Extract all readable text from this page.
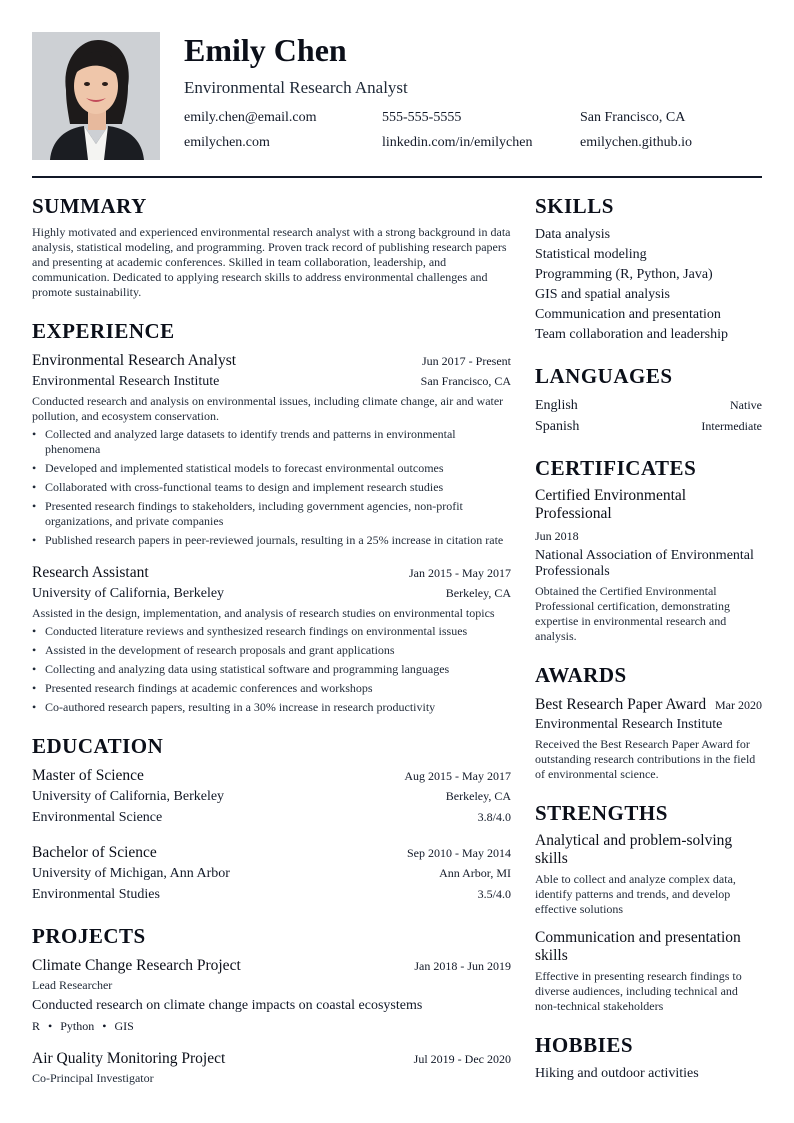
Emily Chen
Environmental Research Analyst
emily.chen@email.com	555-555-5555	San Francisco, CA
emilychen.com	linkedin.com/in/emilychen	emilychen.github.io
SUMMARY

Highly motivated and experienced environmental research analyst with a strong background in data analysis, statistical modeling, and programming. Proven track record of publishing research papers and presenting at academic conferences. Skilled in team collaboration, leadership, and communication. Dedicated to applying research skills to address environmental challenges and promote sustainability.

EXPERIENCE
Environmental Research Analyst	Jun 2017 - Present
Environmental Research Institute	San Francisco, CA

Conducted research and analysis on environmental issues, including climate change, air and water pollution, and ecosystem conservation.

• Collected and analyzed large datasets to identify trends and patterns in environmental phenomena
• Developed and implemented statistical models to forecast environmental outcomes
• Collaborated with cross-functional teams to design and implement research studies
• Presented research findings to stakeholders, including government agencies, non-profit organizations, and private companies
• Published research papers in peer-reviewed journals, resulting in a 25% increase in citation rate
Research Assistant	Jan 2015 - May 2017
University of California, Berkeley	Berkeley, CA

Assisted in the design, implementation, and analysis of research studies on environmental topics

• Conducted literature reviews and synthesized research findings on environmental issues
• Assisted in the development of research proposals and grant applications
• Collecting and analyzing data using statistical software and programming languages
• Presented research findings at academic conferences and workshops
• Co-authored research papers, resulting in a 30% increase in research productivity
EDUCATION
Master of Science	Aug 2015 - May 2017
University of California, Berkeley	Berkeley, CA
Environmental Science	3.8/4.0
Bachelor of Science	Sep 2010 - May 2014
University of Michigan, Ann Arbor	Ann Arbor, MI
Environmental Studies	3.5/4.0
PROJECTS
Climate Change Research Project	Jan 2018 - Jun 2019
Lead Researcher
Conducted research on climate change impacts on coastal ecosystems
R • Python • GIS
Air Quality Monitoring Project	Jul 2019 - Dec 2020
Co-Principal Investigator
SKILLS
Data analysis
Statistical modeling
Programming (R, Python, Java)
GIS and spatial analysis
Communication and presentation
Team collaboration and leadership
LANGUAGES
English	Native
Spanish	Intermediate
CERTIFICATES
Certified Environmental Professional
Jun 2018
National Association of Environmental Professionals

Obtained the Certified Environmental Professional certification, demonstrating expertise in environmental research and analysis.

AWARDS
Best Research Paper Award Mar 2020
Environmental Research Institute

Received the Best Research Paper Award for outstanding research contributions in the field of environmental science.

STRENGTHS
Analytical and problem-solving skills

Able to collect and analyze complex data, identify patterns and trends, and develop effective solutions

Communication and presentation skills

Effective in presenting research findings to diverse audiences, including technical and non-technical stakeholders

HOBBIES
Hiking and outdoor activities
